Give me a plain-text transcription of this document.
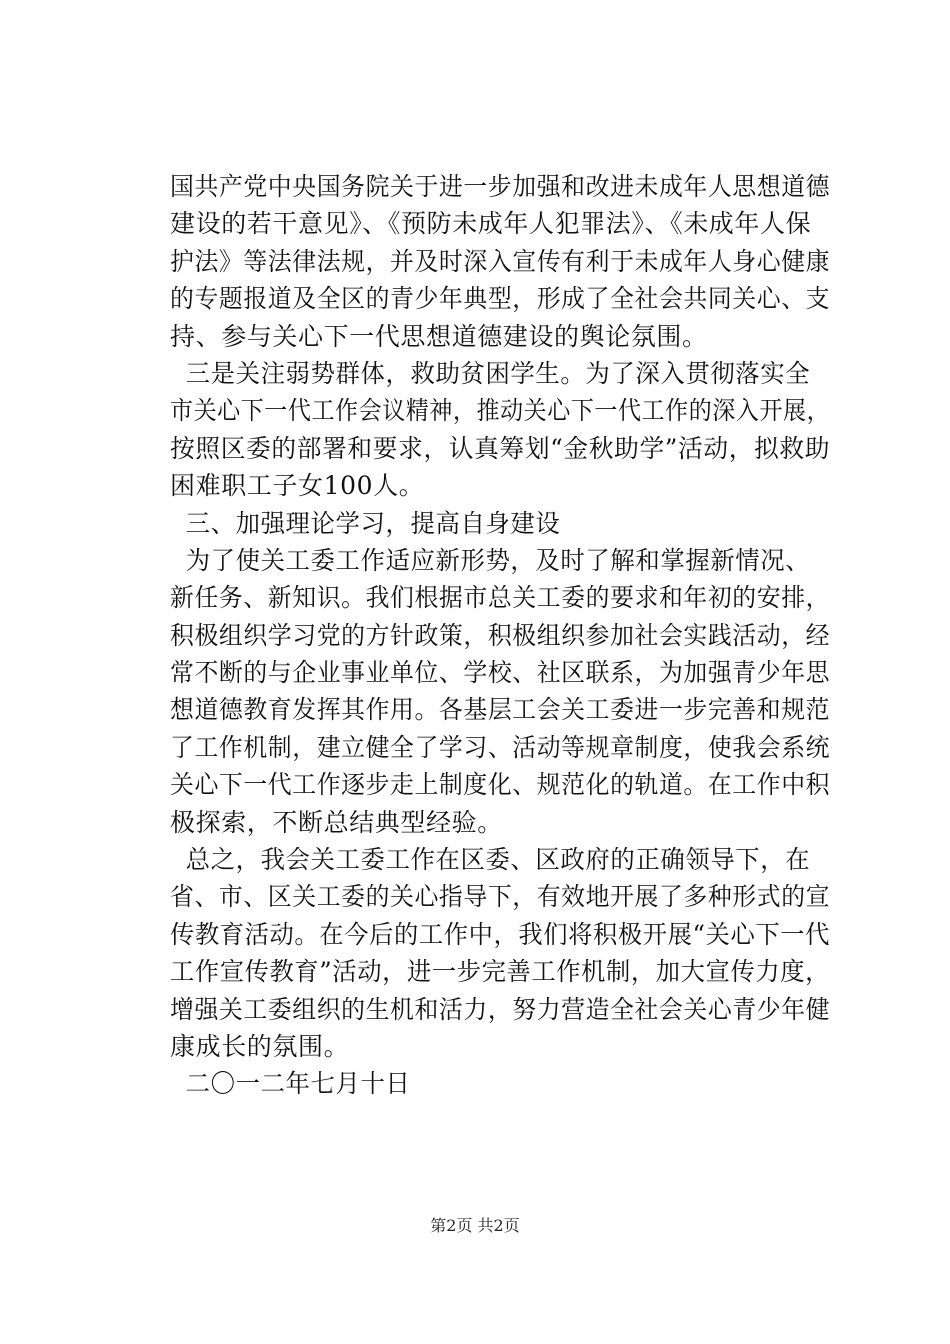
国共产党中央国务院关于进一步加强和改进未成年人思想道德
建设的若干意见》、《预防未成年人犯罪法》、《未成年人保
护法》等法律法规，并及时深入宣传有利于未成年人身心健康
的专题报道及全区的青少年典型，形成了全社会共同关心、支
持、参与关心下一代思想道德建设的舆论氛围。
三是关注弱势群体，救助贫困学生。为了深入贯彻落实全
市关心下一代工作会议精神，推动关心下一代工作的深入开展，
按照区委的部署和要求，认真筹划“金秋助学”活动，拟救助
困难职工子女100人。
三、加强理论学习，提高自身建设
为了使关工委工作适应新形势，及时了解和掌握新情况、
新任务、新知识。我们根据市总关工委的要求和年初的安排，
积极组织学习党的方针政策，积极组织参加社会实践活动，经
常不断的与企业事业单位、学校、社区联系，为加强青少年思
想道德教育发挥其作用。各基层工会关工委进一步完善和规范
了工作机制，建立健全了学习、活动等规章制度，使我会系统
关心下一代工作逐步走上制度化、规范化的轨道。在工作中积
极探索，不断总结典型经验。
总之，我会关工委工作在区委、区政府的正确领导下，在
省、市、区关工委的关心指导下，有效地开展了多种形式的宣
传教育活动。在今后的工作中，我们将积极开展“关心下一代
工作宣传教育”活动，进一步完善工作机制，加大宣传力度，
增强关工委组织的生机和活力，努力营造全社会关心青少年健
康成长的氛围。
二〇一二年七月十日
第2页 共2页
